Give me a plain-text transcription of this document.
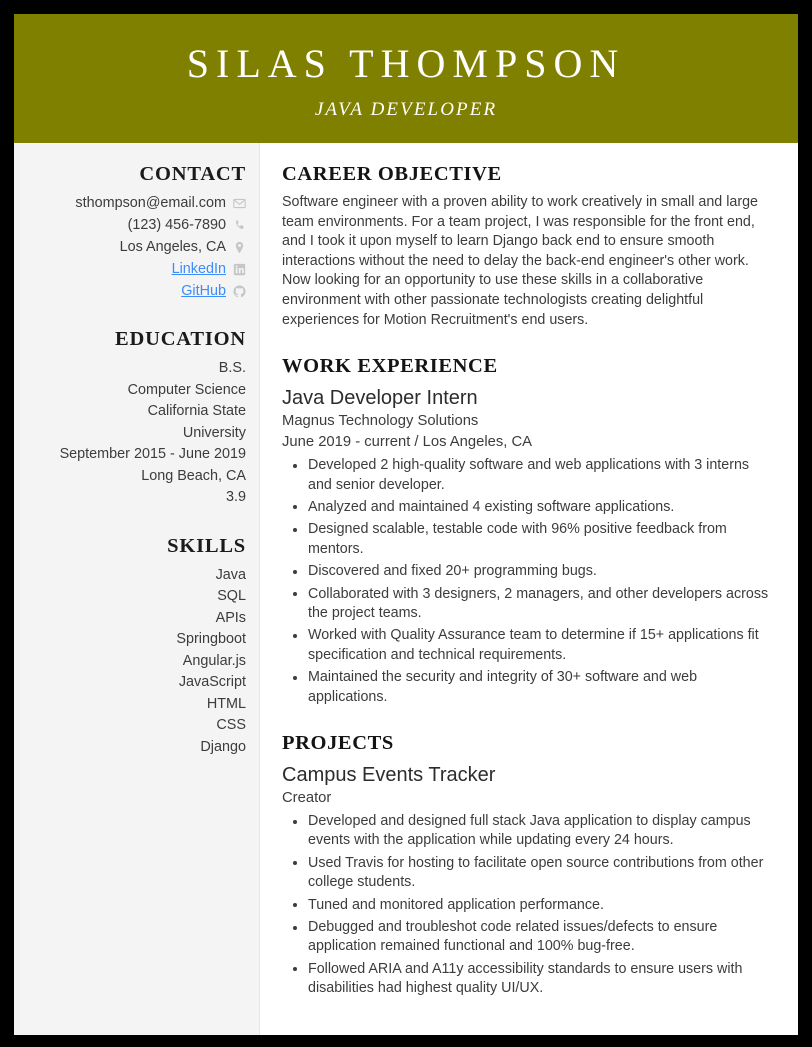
SILAS THOMPSON
JAVA DEVELOPER
CONTACT
sthompson@email.com
(123) 456-7890
Los Angeles, CA
LinkedIn
GitHub
EDUCATION
B.S.
Computer Science
California State
University
September 2015 - June 2019
Long Beach, CA
3.9
SKILLS
Java
SQL
APIs
Springboot
Angular.js
JavaScript
HTML
CSS
Django
CAREER OBJECTIVE
Software engineer with a proven ability to work creatively in small and large team environments. For a team project, I was responsible for the front end, and I took it upon myself to learn Django back end to ensure smooth interactions without the need to delay the back-end engineer's other work. Now looking for an opportunity to use these skills in a collaborative environment with other passionate technologists creating delightful experiences for Motion Recruitment's end users.
WORK EXPERIENCE
Java Developer Intern
Magnus Technology Solutions
June 2019 - current / Los Angeles, CA
Developed 2 high-quality software and web applications with 3 interns and senior developer.
Analyzed and maintained 4 existing software applications.
Designed scalable, testable code with 96% positive feedback from mentors.
Discovered and fixed 20+ programming bugs.
Collaborated with 3 designers, 2 managers, and other developers across the project teams.
Worked with Quality Assurance team to determine if 15+ applications fit specification and technical requirements.
Maintained the security and integrity of 30+ software and web applications.
PROJECTS
Campus Events Tracker
Creator
Developed and designed full stack Java application to display campus events with the application while updating every 24 hours.
Used Travis for hosting to facilitate open source contributions from other college students.
Tuned and monitored application performance.
Debugged and troubleshot code related issues/defects to ensure application remained functional and 100% bug-free.
Followed ARIA and A11y accessibility standards to ensure users with disabilities had highest quality UI/UX.
